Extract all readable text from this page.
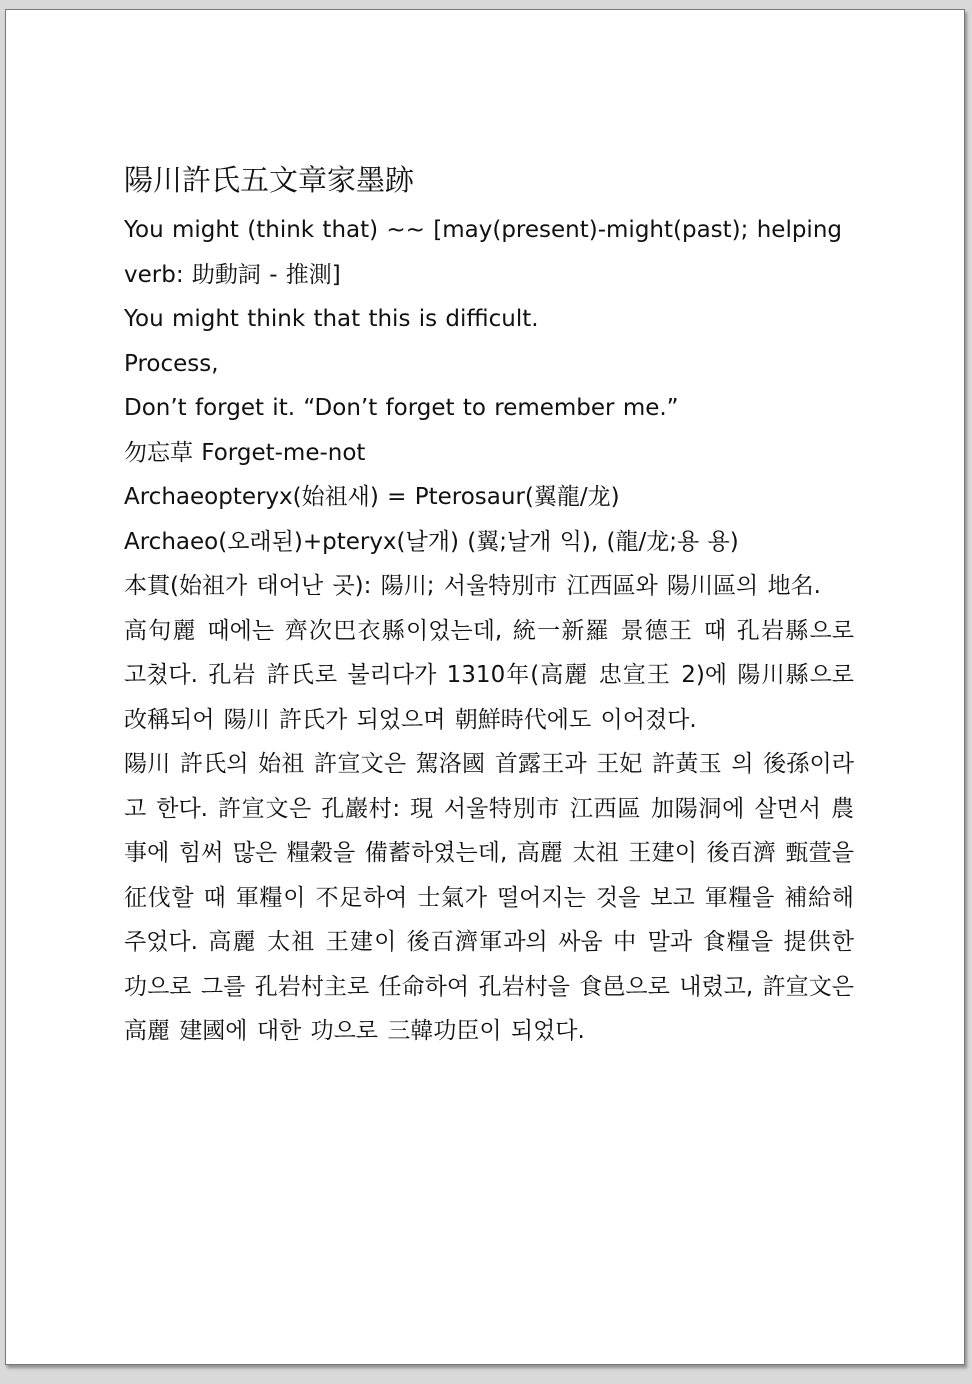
陽川許氏五文章家墨跡

You might (think that) ~~ [may(present)-might(past); helping

verb: 助動詞 - 推測]

You might think that this is difficult.

Process,

Don’t forget it. “Don’t forget to remember me.”

勿忘草 Forget-me-not

Archaeopteryx(始祖새) = Pterosaur(翼龍/龙)

Archaeo(오래된)+pteryx(날개) (翼;날개 익), (龍/龙;용 용)

本貫(始祖가 태어난 곳): 陽川; 서울特別市 江西區와 陽川區의 地名.

高句麗 때에는 齊次巴衣縣이었는데, 統一新羅 景德王 때 孔岩縣으로 고쳤다. 孔岩 許氏로 불리다가 1310年(高麗 忠宣王 2)에 陽川縣으로 改稱되어 陽川 許氏가 되었으며 朝鮮時代에도 이어졌다.

陽川 許氏의 始祖 許宣文은 駕洛國 首露王과 王妃 許黃玉 의 後孫이라고 한다. 許宣文은 孔巖村: 現 서울特別市 江西區 加陽洞에 살면서 農事에 힘써 많은 糧穀을 備蓄하였는데, 高麗 太祖 王建이 後百濟 甄萱을 征伐할 때 軍糧이 不足하여 士氣가 떨어지는 것을 보고 軍糧을 補給해 주었다. 高麗 太祖 王建이 後百濟軍과의 싸움 中 말과 食糧을 提供한 功으로 그를 孔岩村主로 任命하여 孔岩村을 食邑으로 내렸고, 許宣文은 高麗 建國에 대한 功으로 三韓功臣이 되었다.
